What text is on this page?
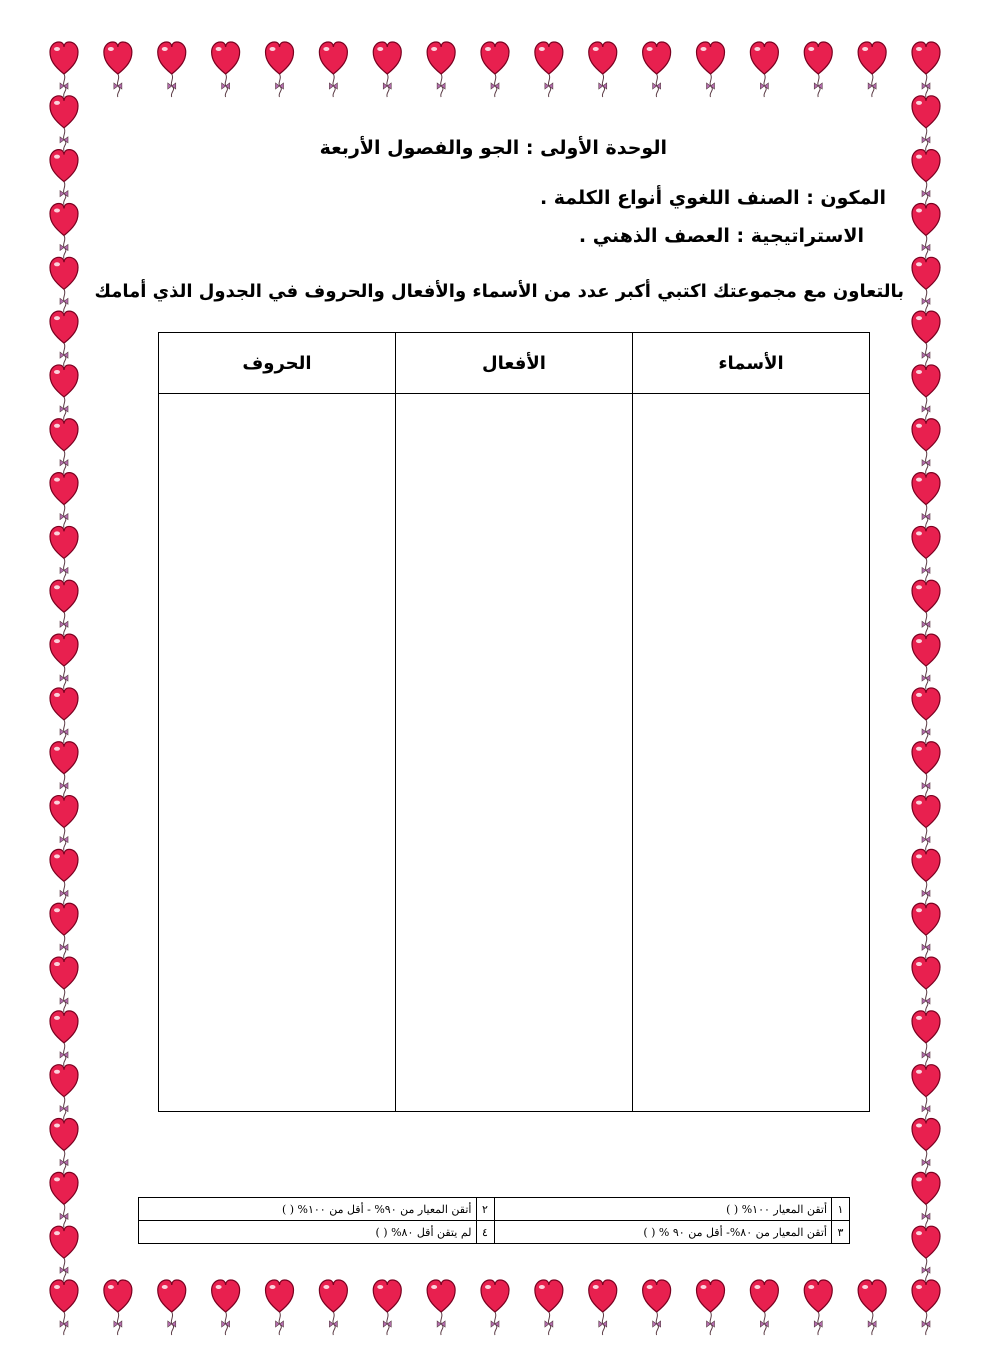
الوحدة الأولى : الجو والفصول الأربعة
المكون : الصنف اللغوي أنواع الكلمة .
الاستراتيجية : العصف الذهني .
بالتعاون مع مجموعتك اكتبي أكبر عدد من الأسماء والأفعال والحروف في الجدول الذي أمامك
الأسماء	الأفعال	الحروف

١	أتقن المعيار ١٠٠% ( )	٢	أتقن المعيار من ٩٠% - أقل من ١٠٠% ( )
٣	أتقن المعيار من ٨٠%- أقل من ٩٠ % ( )	٤	لم يتقن أقل ٨٠% ( )
